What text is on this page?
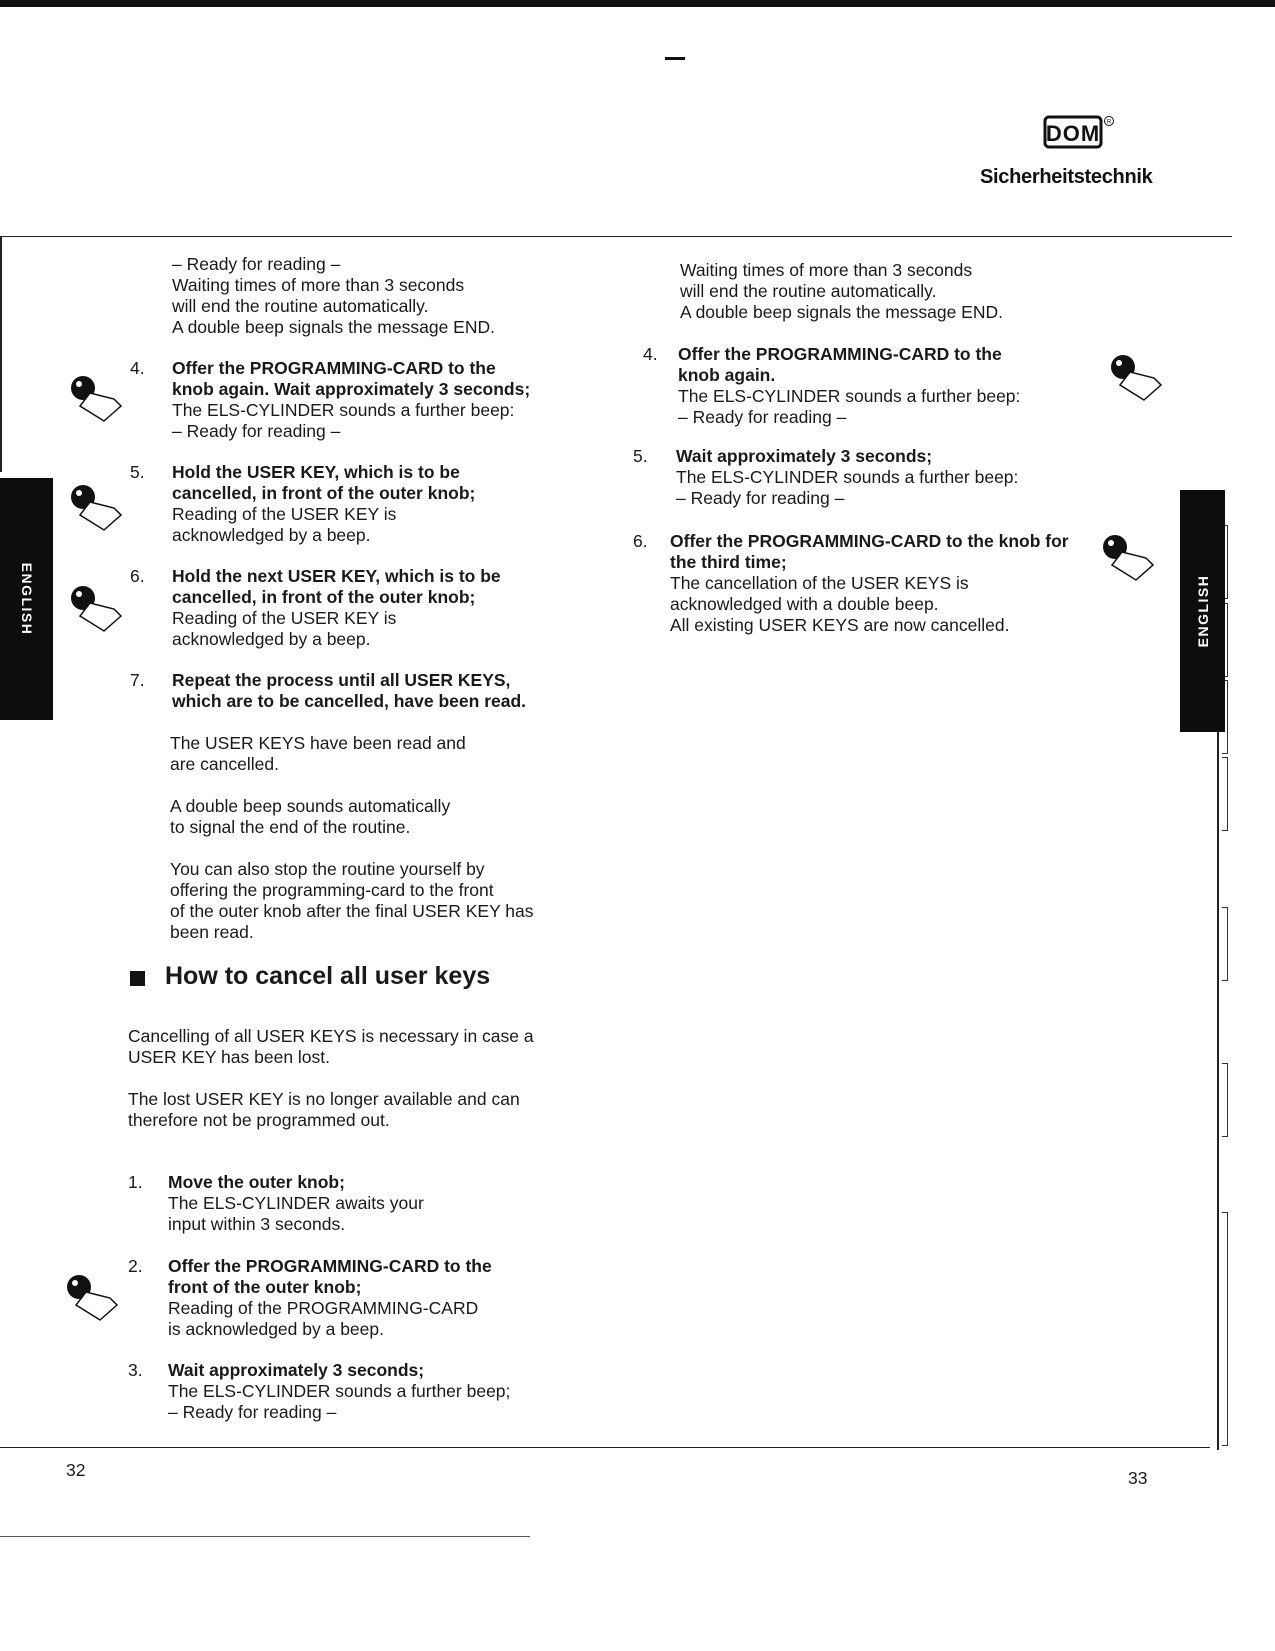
DOM R
Sicherheitstechnik
ENGLISH	ENGLISH

– Ready for reading –

Waiting times of more than 3 seconds

will end the routine automatically.

A double beep signals the message END.

4. Offer the PROGRAMMING-CARD to the
knob again. Wait approximately 3 seconds;
The ELS-CYLINDER sounds a further beep:
– Ready for reading –
5. Hold the USER KEY, which is to be
cancelled, in front of the outer knob;
Reading of the USER KEY is
acknowledged by a beep.
6. Hold the next USER KEY, which is to be
cancelled, in front of the outer knob;
Reading of the USER KEY is
acknowledged by a beep.
7. Repeat the process until all USER KEYS,
which are to be cancelled, have been read.

The USER KEYS have been read and

are cancelled.

A double beep sounds automatically

to signal the end of the routine.

You can also stop the routine yourself by

offering the programming-card to the front

of the outer knob after the final USER KEY has

been read.

How to cancel all user keys

Cancelling of all USER KEYS is necessary in case a

USER KEY has been lost.

The lost USER KEY is no longer available and can

therefore not be programmed out.

1. Move the outer knob;
The ELS-CYLINDER awaits your
input within 3 seconds.
2. Offer the PROGRAMMING-CARD to the
front of the outer knob;
Reading of the PROGRAMMING-CARD
is acknowledged by a beep.
3. Wait approximately 3 seconds;
The ELS-CYLINDER sounds a further beep;
– Ready for reading –
32

Waiting times of more than 3 seconds

will end the routine automatically.

A double beep signals the message END.

4. Offer the PROGRAMMING-CARD to the
knob again.
The ELS-CYLINDER sounds a further beep:
– Ready for reading –
5. Wait approximately 3 seconds;
The ELS-CYLINDER sounds a further beep:
– Ready for reading –
6. Offer the PROGRAMMING-CARD to the knob for
the third time;
The cancellation of the USER KEYS is
acknowledged with a double beep.
All existing USER KEYS are now cancelled.
33
